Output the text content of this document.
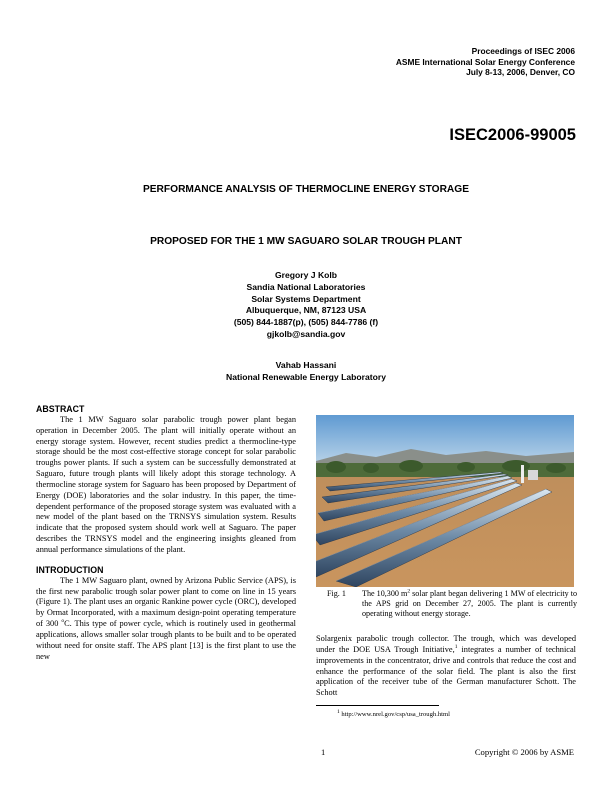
Proceedings of ISEC 2006
ASME International Solar Energy Conference
July 8-13, 2006, Denver, CO
ISEC2006-99005
PERFORMANCE ANALYSIS OF THERMOCLINE ENERGY STORAGE
PROPOSED FOR THE 1 MW SAGUARO SOLAR TROUGH PLANT
Gregory J Kolb
Sandia National Laboratories
Solar Systems Department
Albuquerque, NM, 87123 USA
(505) 844-1887(p), (505) 844-7786 (f)
gjkolb@sandia.gov
Vahab Hassani
National Renewable Energy Laboratory
ABSTRACT

The 1 MW Saguaro solar parabolic trough power plant began operation in December 2005. The plant will initially operate without an energy storage system. However, recent studies predict a thermocline-type storage should be the most cost-effective storage concept for solar parabolic troughs power plants. If such a system can be successfully demonstrated at Saguaro, future trough plants will likely adopt this storage technology. A thermocline storage system for Saguaro has been proposed by Department of Energy (DOE) laboratories and the solar industry. In this paper, the time-dependent performance of the proposed storage system was evaluated with a new model of the plant based on the TRNSYS simulation system. Results indicate that the proposed system should work well at Saguaro. The paper describes the TRNSYS model and the engineering insights gleaned from annual performance simulations of the plant.

INTRODUCTION

The 1 MW Saguaro plant, owned by Arizona Public Service (APS), is the first new parabolic trough solar power plant to come on line in 15 years (Figure 1). The plant uses an organic Rankine power cycle (ORC), developed by Ormat Incorporated, with a maximum design-point operating temperature of 300 $^o$C. This type of power cycle, which is routinely used in geothermal applications, allows smaller solar trough plants to be built and to be operated without need for onsite staff. The APS plant [13] is the first plant to use the new

Fig. 1 The 10,300 $m^2$ solar plant began delivering 1 MW of electricity to the APS grid on December 27, 2005. The plant is currently operating without energy storage.
Solargenix parabolic trough collector. The trough, which was developed under the DOE USA Trough Initiative,$^1$ integrates a number of technical improvements in the concentrator, drive and controls that reduce the cost and enhance the performance of the solar field. The plant is also the first application of the receiver tube of the German manufacturer Schott. The Schott
$^1$ http://www.nrel.gov/csp/usa_trough.html
1	Copyright © 2006 by ASME
